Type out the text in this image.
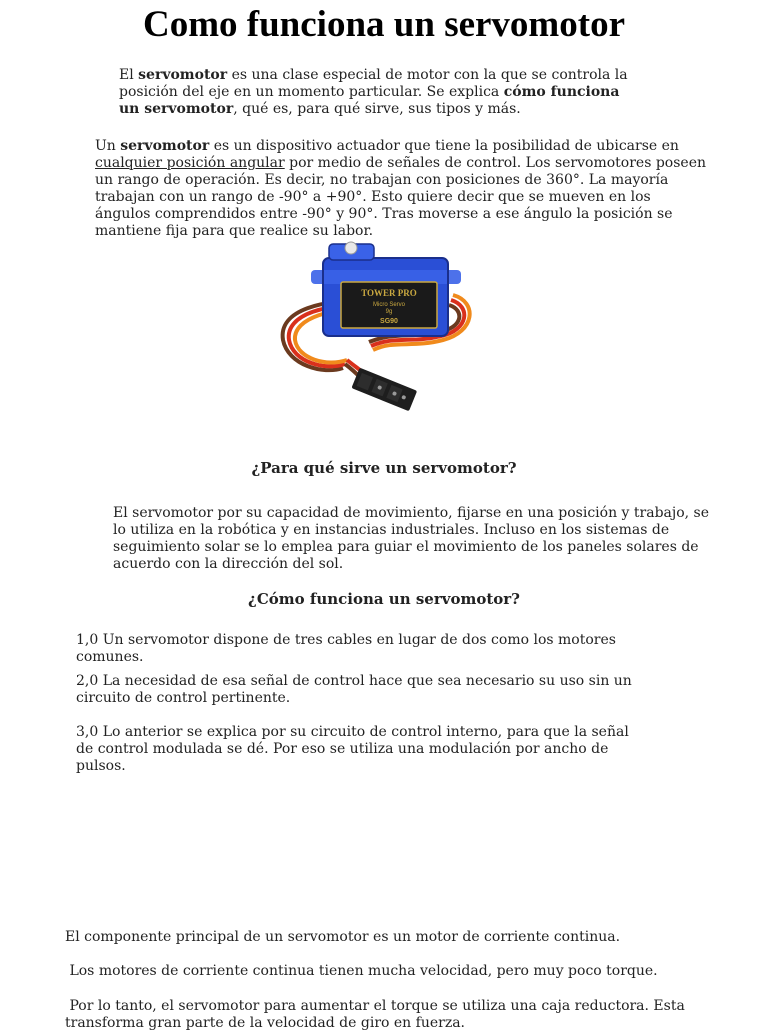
Como funciona un servomotor

El servomotor es una clase especial de motor con la que se controla la posición del eje en un momento particular. Se explica cómo funciona un servomotor, qué es, para qué sirve, sus tipos y más.

Un servomotor es un dispositivo actuador que tiene la posibilidad de ubicarse en cualquier posición angular por medio de señales de control. Los servomotores poseen un rango de operación. Es decir, no trabajan con posiciones de 360°. La mayoría trabajan con un rango de -90° a +90°. Esto quiere decir que se mueven en los ángulos comprendidos entre -90° y 90°. Tras moverse a ese ángulo la posición se mantiene fija para que realice su labor.

TOWER PRO
Micro Servo
9g
SG90
¿Para qué sirve un servomotor?

El servomotor por su capacidad de movimiento, fijarse en una posición y trabajo, se lo utiliza en la robótica y en instancias industriales. Incluso en los sistemas de seguimiento solar se lo emplea para guiar el movimiento de los paneles solares de acuerdo con la dirección del sol.

¿Cómo funciona un servomotor?

1,0 Un servomotor dispone de tres cables en lugar de dos como los motores comunes.

2,0 La necesidad de esa señal de control hace que sea necesario su uso sin un circuito de control pertinente.

3,0 Lo anterior se explica por su circuito de control interno, para que la señal de control modulada se dé. Por eso se utiliza una modulación por ancho de pulsos.

El componente principal de un servomotor es un motor de corriente continua.

Los motores de corriente continua tienen mucha velocidad, pero muy poco torque.

Por lo tanto, el servomotor para aumentar el torque se utiliza una caja reductora. Esta transforma gran parte de la velocidad de giro en fuerza.
